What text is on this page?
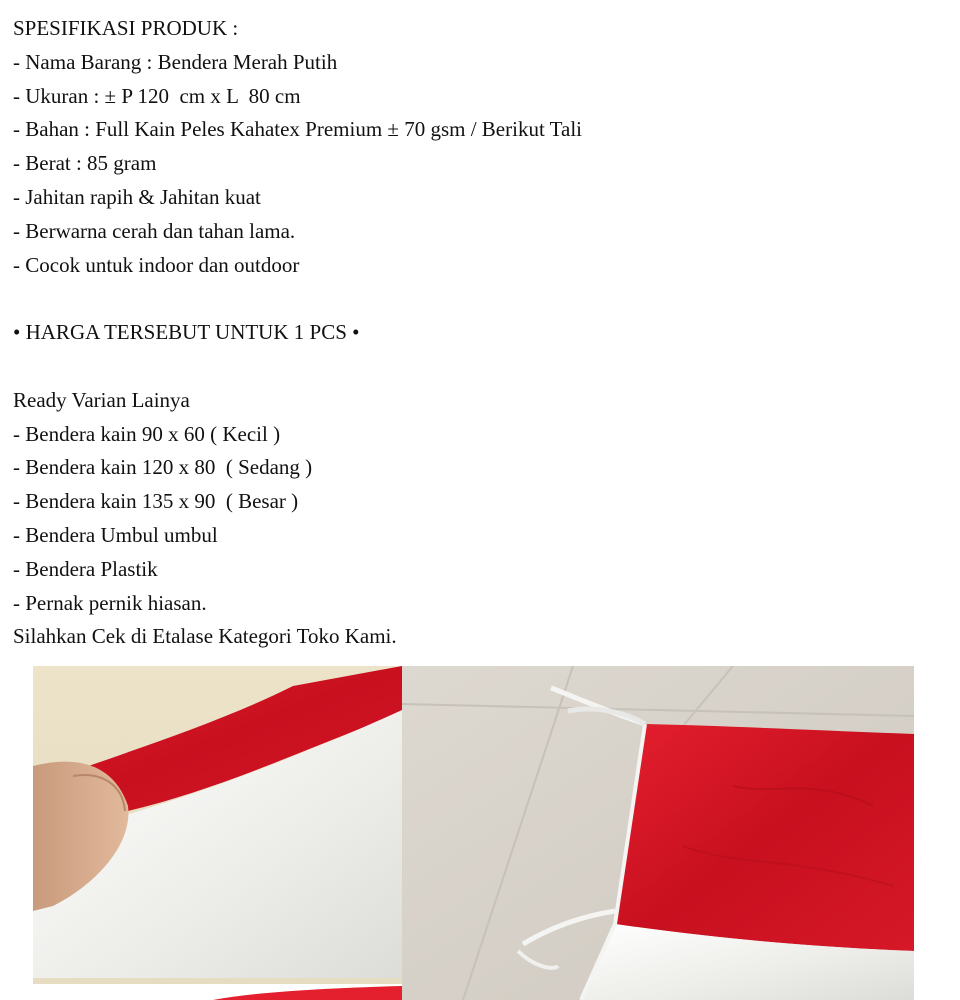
SPESIFIKASI PRODUK :
- Nama Barang : Bendera Merah Putih
- Ukuran : ± P 120  cm x L  80 cm
- Bahan : Full Kain Peles Kahatex Premium ± 70 gsm / Berikut Tali
- Berat : 85 gram
- Jahitan rapih & Jahitan kuat
- Berwarna cerah dan tahan lama.
- Cocok untuk indoor dan outdoor
• HARGA TERSEBUT UNTUK 1 PCS •
Ready Varian Lainya
- Bendera kain 90 x 60 ( Kecil )
- Bendera kain 120 x 80  ( Sedang )
- Bendera kain 135 x 90  ( Besar )
- Bendera Umbul umbul
- Bendera Plastik
- Pernak pernik hiasan.
Silahkan Cek di Etalase Kategori Toko Kami.
